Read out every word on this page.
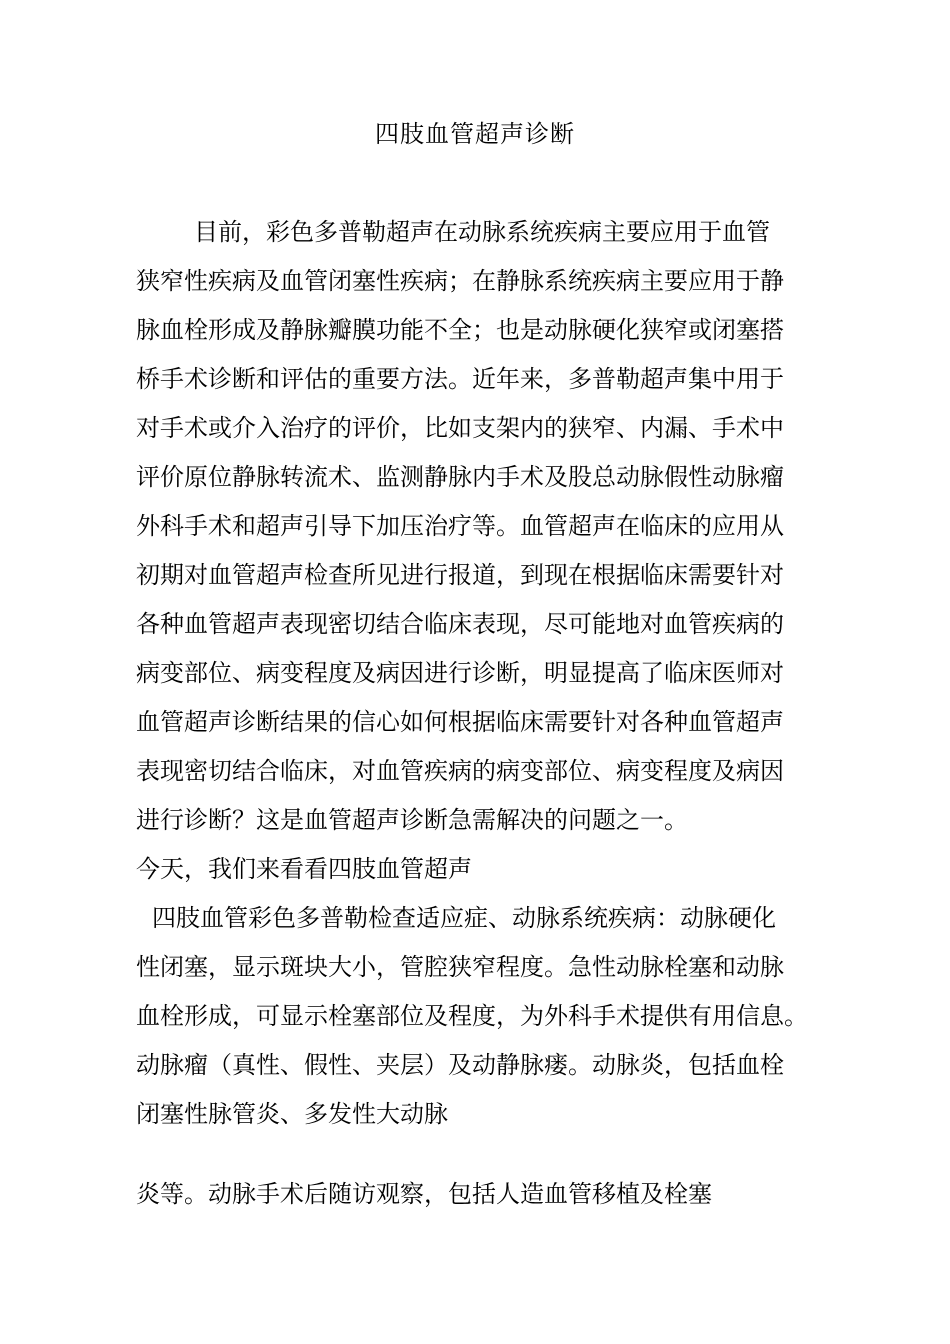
四肢血管超声诊断
目前，彩色多普勒超声在动脉系统疾病主要应用于血管
狭窄性疾病及血管闭塞性疾病；在静脉系统疾病主要应用于静
脉血栓形成及静脉瓣膜功能不全；也是动脉硬化狭窄或闭塞搭
桥手术诊断和评估的重要方法。近年来，多普勒超声集中用于
对手术或介入治疗的评价，比如支架内的狭窄、内漏、手术中
评价原位静脉转流术、监测静脉内手术及股总动脉假性动脉瘤
外科手术和超声引导下加压治疗等。血管超声在临床的应用从
初期对血管超声检查所见进行报道，到现在根据临床需要针对
各种血管超声表现密切结合临床表现，尽可能地对血管疾病的
病变部位、病变程度及病因进行诊断，明显提高了临床医师对
血管超声诊断结果的信心如何根据临床需要针对各种血管超声
表现密切结合临床，对血管疾病的病变部位、病变程度及病因
进行诊断？这是血管超声诊断急需解决的问题之一。
今天，我们来看看四肢血管超声
四肢血管彩色多普勒检查适应症、动脉系统疾病：动脉硬化
性闭塞，显示斑块大小，管腔狭窄程度。急性动脉栓塞和动脉
血栓形成，可显示栓塞部位及程度，为外科手术提供有用信息。
动脉瘤（真性、假性、夹层）及动静脉瘘。动脉炎，包括血栓
闭塞性脉管炎、多发性大动脉
炎等。动脉手术后随访观察，包括人造血管移植及栓塞
